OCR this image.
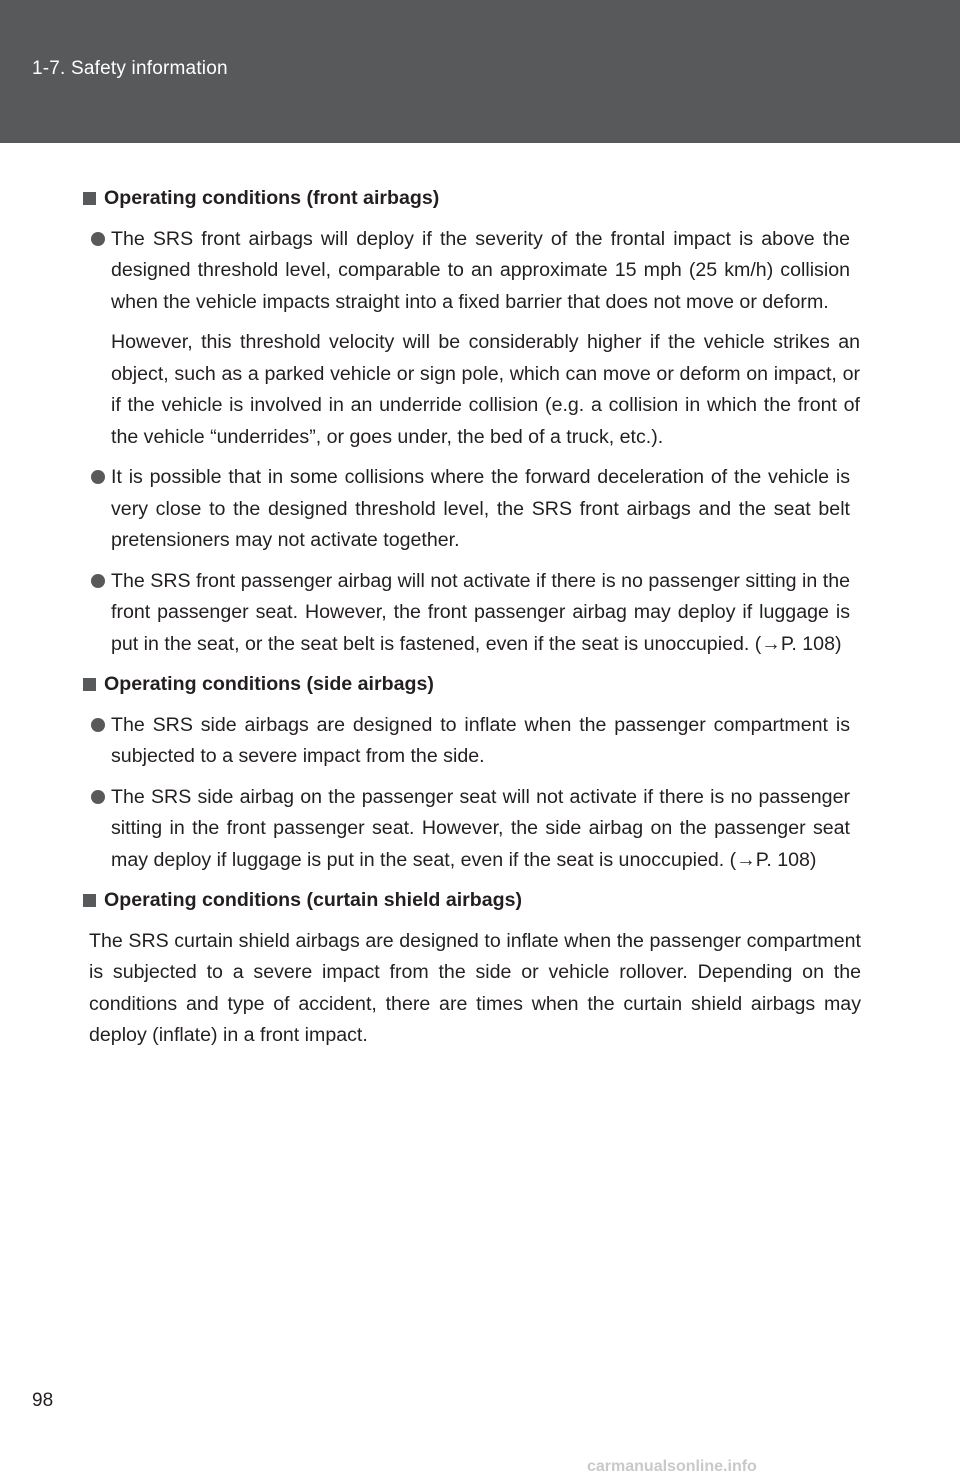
1-7. Safety information
Operating conditions (front airbags)
The SRS front airbags will deploy if the severity of the frontal impact is above the designed threshold level, comparable to an approximate 15 mph (25 km/h) collision when the vehicle impacts straight into a fixed barrier that does not move or deform.
However, this threshold velocity will be considerably higher if the vehicle strikes an object, such as a parked vehicle or sign pole, which can move or deform on impact, or if the vehicle is involved in an underride collision (e.g. a collision in which the front of the vehicle “underrides”, or goes under, the bed of a truck, etc.).
It is possible that in some collisions where the forward deceleration of the vehicle is very close to the designed threshold level, the SRS front airbags and the seat belt pretensioners may not activate together.
The SRS front passenger airbag will not activate if there is no passenger sitting in the front passenger seat. However, the front passenger airbag may deploy if luggage is put in the seat, or the seat belt is fastened, even if the seat is unoccupied. (→P. 108)
Operating conditions (side airbags)
The SRS side airbags are designed to inflate when the passenger compartment is subjected to a severe impact from the side.
The SRS side airbag on the passenger seat will not activate if there is no passenger sitting in the front passenger seat. However, the side airbag on the passenger seat may deploy if luggage is put in the seat, even if the seat is unoccupied. (→P. 108)
Operating conditions (curtain shield airbags)
The SRS curtain shield airbags are designed to inflate when the passenger compartment is subjected to a severe impact from the side or vehicle rollover. Depending on the conditions and type of accident, there are times when the curtain shield airbags may deploy (inflate) in a front impact.
98
carmanualsonline.info
